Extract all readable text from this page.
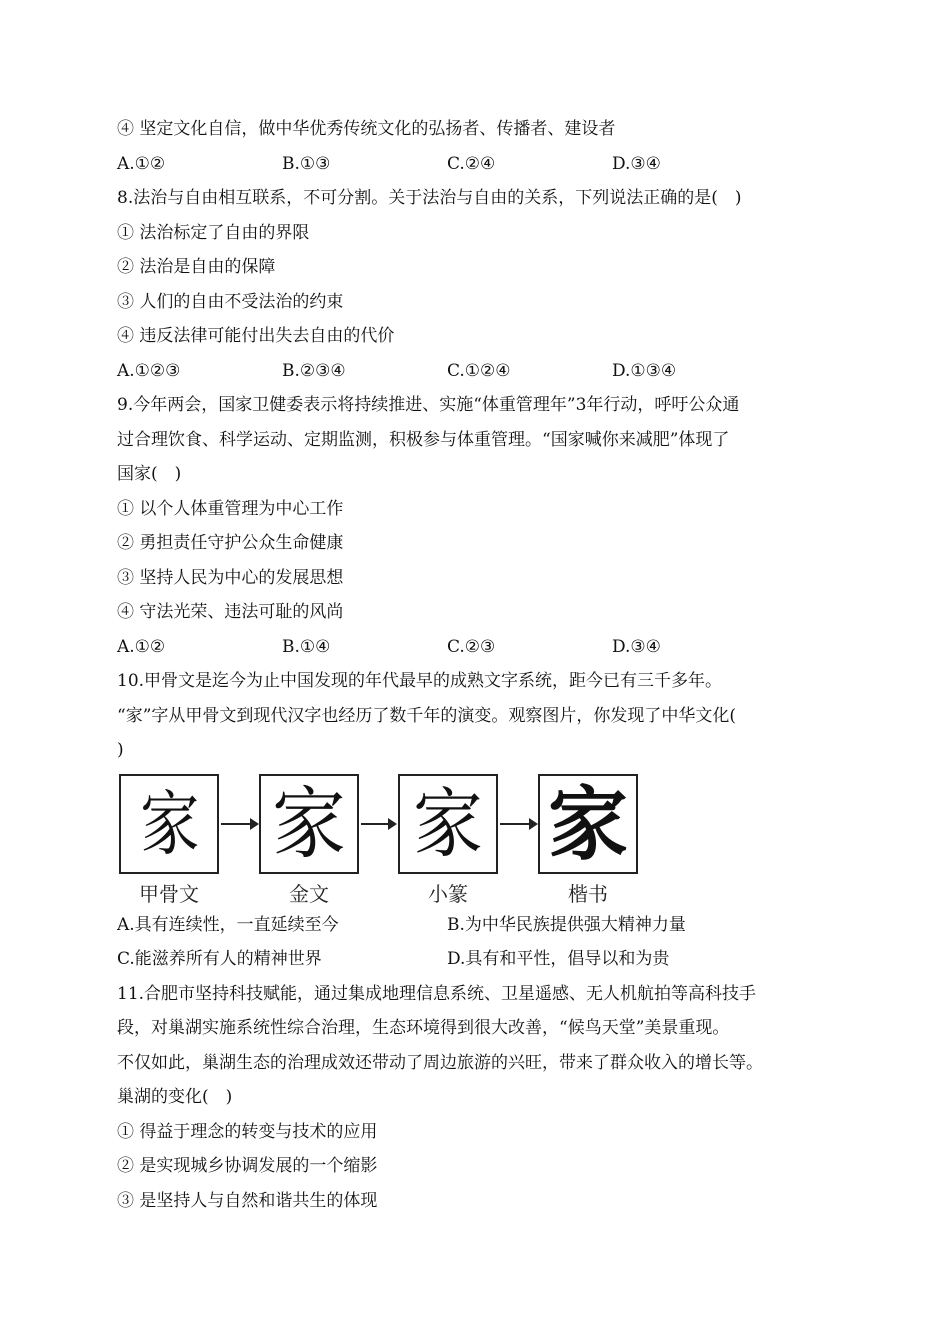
④ 坚定文化自信，做中华优秀传统文化的弘扬者、传播者、建设者
A.①②	B.①③	C.②④	D.③④
8.法治与自由相互联系，不可分割。关于法治与自由的关系，下列说法正确的是(　)
① 法治标定了自由的界限
② 法治是自由的保障
③ 人们的自由不受法治的约束
④ 违反法律可能付出失去自由的代价
A.①②③	B.②③④	C.①②④	D.①③④
9.今年两会，国家卫健委表示将持续推进、实施“体重管理年”3年行动，呼吁公众通
过合理饮食、科学运动、定期监测，积极参与体重管理。“国家喊你来减肥”体现了
国家(　)
① 以个人体重管理为中心工作
② 勇担责任守护公众生命健康
③ 坚持人民为中心的发展思想
④ 守法光荣、违法可耻的风尚
A.①②	B.①④	C.②③	D.③④
10.甲骨文是迄今为止中国发现的年代最早的成熟文字系统，距今已有三千多年。
“家”字从甲骨文到现代汉字也经历了数千年的演变。观察图片，你发现了中华文化(
)
家 家 家 家
甲骨文	金文	小篆	楷书
A.具有连续性，一直延续至今	B.为中华民族提供强大精神力量
C.能滋养所有人的精神世界	D.具有和平性，倡导以和为贵
11.合肥市坚持科技赋能，通过集成地理信息系统、卫星遥感、无人机航拍等高科技手
段，对巢湖实施系统性综合治理，生态环境得到很大改善，“候鸟天堂”美景重现。
不仅如此，巢湖生态的治理成效还带动了周边旅游的兴旺，带来了群众收入的增长等。
巢湖的变化(　)
① 得益于理念的转变与技术的应用
② 是实现城乡协调发展的一个缩影
③ 是坚持人与自然和谐共生的体现
